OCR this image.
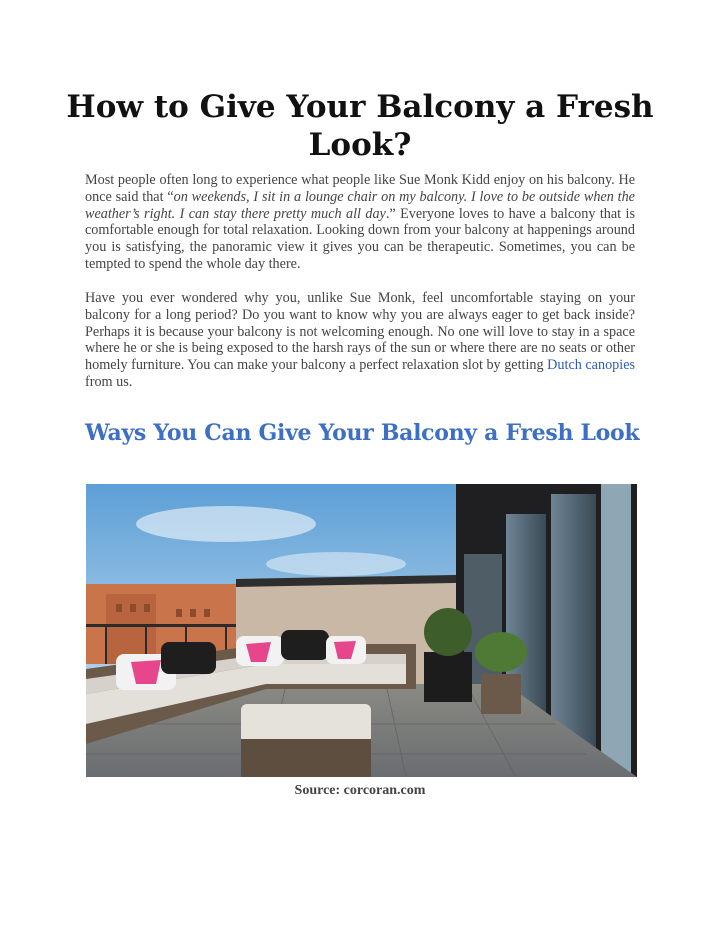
How to Give Your Balcony a Fresh Look?

Most people often long to experience what people like Sue Monk Kidd enjoy on his balcony. He once said that “on weekends, I sit in a lounge chair on my balcony. I love to be outside when the weather’s right. I can stay there pretty much all day.” Everyone loves to have a balcony that is comfortable enough for total relaxation. Looking down from your balcony at happenings around you is satisfying, the panoramic view it gives you can be therapeutic. Sometimes, you can be tempted to spend the whole day there.

Have you ever wondered why you, unlike Sue Monk, feel uncomfortable staying on your balcony for a long period? Do you want to know why you are always eager to get back inside? Perhaps it is because your balcony is not welcoming enough. No one will love to stay in a space where he or she is being exposed to the harsh rays of the sun or where there are no seats or other homely furniture. You can make your balcony a perfect relaxation slot by getting Dutch canopies from us.

Ways You Can Give Your Balcony a Fresh Look

Source: corcoran.com
